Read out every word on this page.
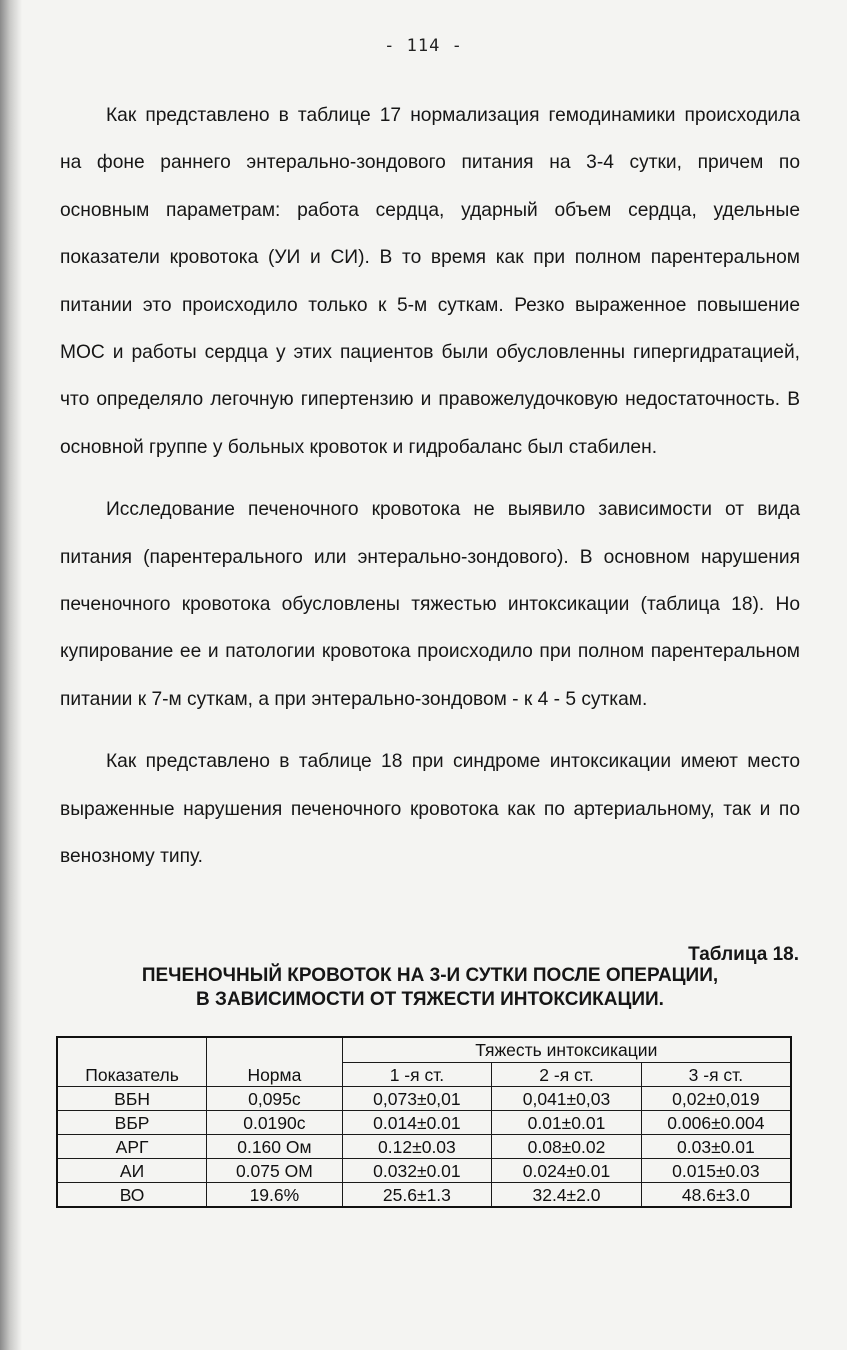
- 114 -

Как представлено в таблице 17 нормализация гемодинамики происходила на фоне раннего энтерально-зондового питания на 3-4 сутки, причем по основным параметрам: работа сердца, ударный объем сердца, удельные показатели кровотока (УИ и СИ). В то время как при полном парентеральном питании это происходило только к 5-м суткам. Резко выраженное повышение МОС и работы сердца у этих пациентов были обусловленны гипергидратацией, что определяло легочную гипертензию и правожелудочковую недостаточность. В основной группе у больных кровоток и гидробаланс был стабилен.

Исследование печеночного кровотока не выявило зависимости от вида питания (парентерального или энтерально-зондового). В основном нарушения печеночного кровотока обусловлены тяжестью интоксикации (таблица 18). Но купирование ее и патологии кровотока происходило при полном парентеральном питании к 7-м суткам, а при энтерально-зондовом - к 4 - 5 суткам.

Как представлено в таблице 18 при синдроме интоксикации имеют место выраженные нарушения печеночного кровотока как по артериальному, так и по венозному типу.

Таблица 18.
ПЕЧЕНОЧНЫЙ КРОВОТОК НА 3-И СУТКИ ПОСЛЕ ОПЕРАЦИИ,
В ЗАВИСИМОСТИ ОТ ТЯЖЕСТИ ИНТОКСИКАЦИИ.
Показатель	Норма	Тяжесть интоксикации		
		1 -я ст.	2 -я ст.	3 -я ст.
ВБН	0,095с	0,073±0,01	0,041±0,03	0,02±0,019
ВБР	0.0190с	0.014±0.01	0.01±0.01	0.006±0.004
АРГ	0.160 Ом	0.12±0.03	0.08±0.02	0.03±0.01
АИ	0.075 ОМ	0.032±0.01	0.024±0.01	0.015±0.03
ВО	19.6%	25.6±1.3	32.4±2.0	48.6±3.0
